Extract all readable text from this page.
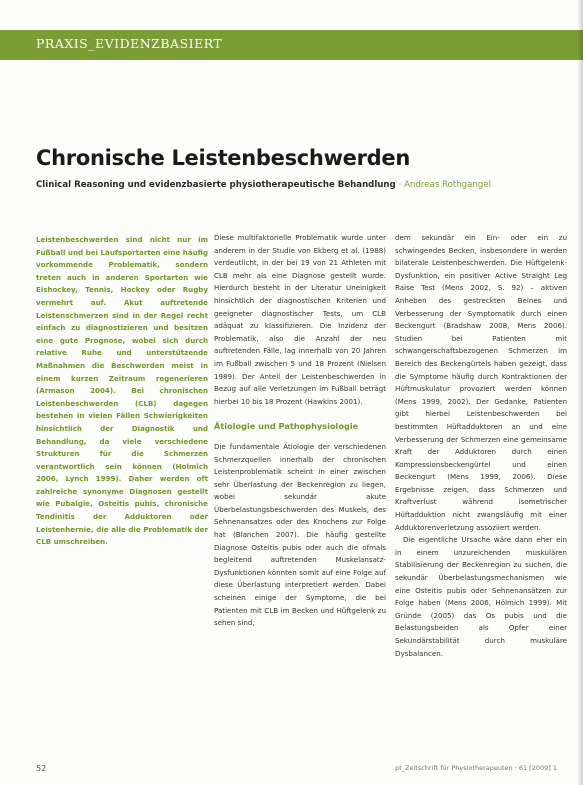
PRAXIS_EVIDENZBASIERT
Chronische Leistenbeschwerden
Clinical Reasoning und evidenzbasierte physiotherapeutische Behandlung · Andreas Rothgangel

Leistenbeschwerden sind nicht nur im Fußball und bei Laufsportarten eine häufig vorkommende Problematik, sondern treten auch in anderen Sportarten wie Eishockey, Tennis, Hockey oder Rugby vermehrt auf. Akut auftretende Leistenschmerzen sind in der Regel recht einfach zu diagnostizieren und besitzen eine gute Prognose, wobei sich durch relative Ruhe und unterstützende Maßnahmen die Beschwerden meist in einem kurzen Zeitraum regenerieren (Armason 2004). Bei chronischen Leistenbeschwerden (CLB) dagegen bestehen in vielen Fällen Schwierigkeiten hinsichtlich der Diagnostik und Behandlung, da viele verschiedene Strukturen für die Schmerzen verantwortlich sein können (Holmich 2006, Lynch 1999). Daher werden oft zahlreiche synonyme Diagnosen gestellt wie Pubalgie, Osteitis pubis, chronische Tendinitis der Adduktoren oder Leistenhernie, die alle die Problematik der CLB umschreiben.

Diese multifaktorielle Problematik wurde unter anderem in der Studie von Ekberg et al. (1988) verdeutlicht, in der bei 19 von 21 Athleten mit CLB mehr als eine Diagnose gestellt wurde. Hierdurch besteht in der Literatur Uneinigkeit hinsichtlich der diagnostischen Kriterien und geeigneter diagnostischer Tests, um CLB adäquat zu klassifizieren. Die Inzidenz der Problematik, also die Anzahl der neu auftretenden Fälle, lag innerhalb von 20 Jahren im Fußball zwischen 5 und 18 Prozent (Nielsen 1989). Der Anteil der Leistenbeschwerden in Bezug auf alle Verletzungen im Fußball beträgt hierbei 10 bis 18 Prozent (Hawkins 2001).

Ätiologie und Pathophysiologie

Die fundamentale Ätiologie der verschiedenen Schmerzquellen innerhalb der chronischen Leistenproblematik scheint in einer zwischen sehr Überlastung der Beckenregion zu liegen, wobei sekundär akute Überbelastungsbeschwerden des Muskels, des Sehnenansatzes oder des Knochens zur Folge hat (Blanchen 2007). Die häufig gestellte Diagnose Osteitis pubis oder auch die ofmals begleitend auftretenden Muskelansatz-Dysfunktionen könnten somit auf eine Folge auf diese Überlastung interpretiert werden. Dabei scheinen einige der Symptome, die bei Patienten mit CLB im Becken und Hüftgelenk zu sehen sind,

dem sekundär ein Ein- oder ein zu schwingendes Becken, insbesondere in werden bilaterale Leistenbeschwerden. Die Hüftgelenk-Dysfunktion, ein positiver Active Straight Leg Raise Test (Mens 2002, S. 92) – aktiven Anheben des gestreckten Beines und Verbesserung der Symptomatik durch einen Beckengurt (Bradshaw 2008, Mens 2006). Studien bei Patienten mit schwangerschaftsbezogenen Schmerzen im Bereich des Beckengürtels haben gezeigt, dass die Symptome häufig durch Kontraktionen der Hüftmuskulatur provoziert werden können (Mens 1999, 2002). Der Gedanke, Patienten gibt hierbei Leistenbeschwerden bei bestimmten Hüftadduktoren an und eine Verbesserung der Schmerzen eine gemeinsame Kraft der Adduktoren durch einen Kompressionsbeckengürtel und einen Beckengurt (Mens 1999, 2006). Diese Ergebnisse zeigen, dass Schmerzen und Kraftverlust während isometrischer Hüftadduktion nicht zwangsläufig mit einer Adduktorenverletzung assoziiert werden.

Die eigentliche Ursache wäre dann eher ein in einem unzureichenden muskulären Stabilisierung der Beckenregion zu suchen, die sekundär Überbelastungsmechanismen wie eine Osteitis pubis oder Sehnenansätzen zur Folge haben (Mens 2006, Hölmich 1999). Mit Gründe (2005) das Os pubis und die Belastungsbeiden als Opfer einer Sekundärstabilität durch muskuläre Dysbalancen.

52	pt_Zeitschrift für Physiotherapeuten · 61 [2009] 1
